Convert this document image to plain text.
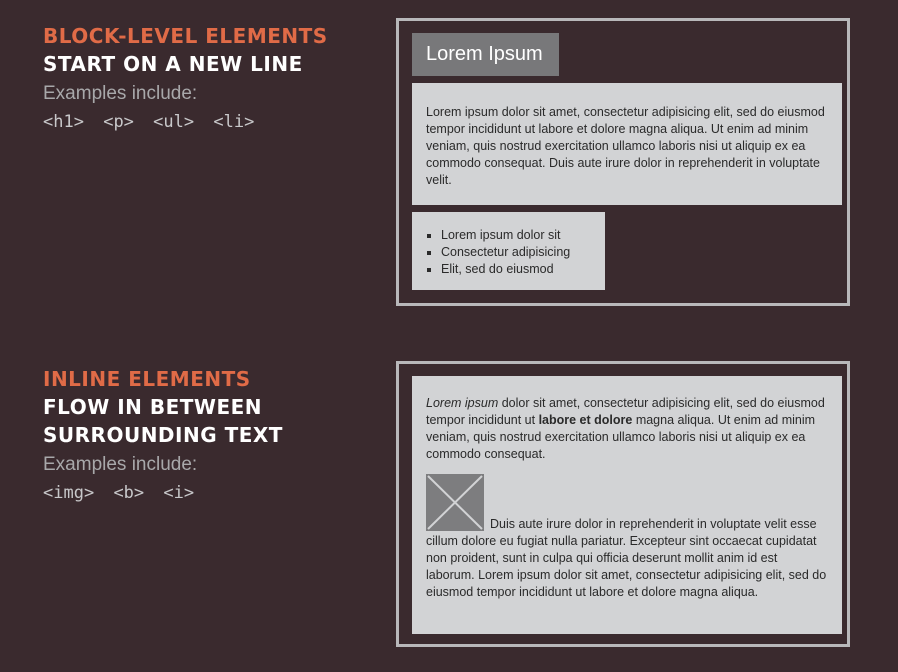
BLOCK-LEVEL ELEMENTS
START ON A NEW LINE
Examples include:
<h1> <p> <ul> <li>
Lorem Ipsum
Lorem ipsum dolor sit amet, consectetur adipisicing elit, sed do eiusmod tempor incididunt ut labore et dolore magna aliqua. Ut enim ad minim veniam, quis nostrud exercitation ullamco laboris nisi ut aliquip ex ea commodo consequat. Duis aute irure dolor in reprehenderit in voluptate velit.
▪ Lorem ipsum dolor sit
▪ Consectetur adipisicing
▪ Elit, sed do eiusmod
INLINE ELEMENTS
FLOW IN BETWEEN
SURROUNDING TEXT
Examples include:
<img> <b> <i>

Lorem ipsum dolor sit amet, consectetur adipisicing elit, sed do eiusmod tempor incididunt ut labore et dolore magna aliqua. Ut enim ad minim veniam, quis nostrud exercitation ullamco laboris nisi ut aliquip ex ea commodo consequat.

Duis aute irure dolor in reprehenderit in voluptate velit esse cillum dolore eu fugiat nulla pariatur. Excepteur sint occaecat cupidatat non proident, sunt in culpa qui officia deserunt mollit anim id est laborum. Lorem ipsum dolor sit amet, consectetur adipisicing elit, sed do eiusmod tempor incididunt ut labore et dolore magna aliqua.
